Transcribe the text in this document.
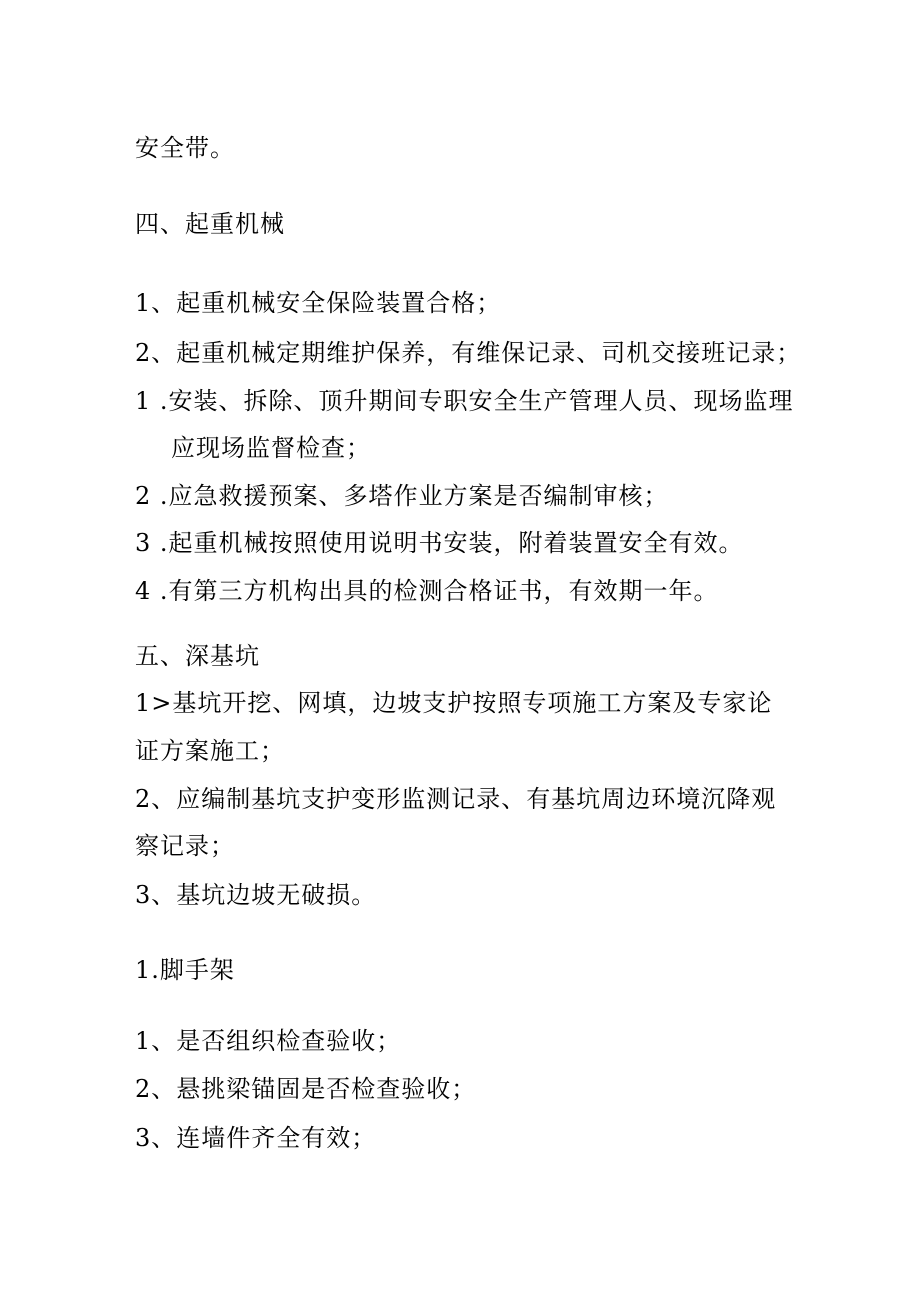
安全带。

四、起重机械

1、起重机械安全保险装置合格；

2、起重机械定期维护保养，有维保记录、司机交接班记录；

1 .安装、拆除、顶升期间专职安全生产管理人员、现场监理

应现场监督检查；

2 .应急救援预案、多塔作业方案是否编制审核；

3 .起重机械按照使用说明书安装，附着装置安全有效。

4 .有第三方机构出具的检测合格证书，有效期一年。

五、深基坑

1>基坑开挖、网填，边坡支护按照专项施工方案及专家论

证方案施工；

2、应编制基坑支护变形监测记录、有基坑周边环境沉降观

察记录；

3、基坑边坡无破损。

1.脚手架

1、是否组织检查验收；

2、悬挑梁锚固是否检查验收；

3、连墙件齐全有效；
